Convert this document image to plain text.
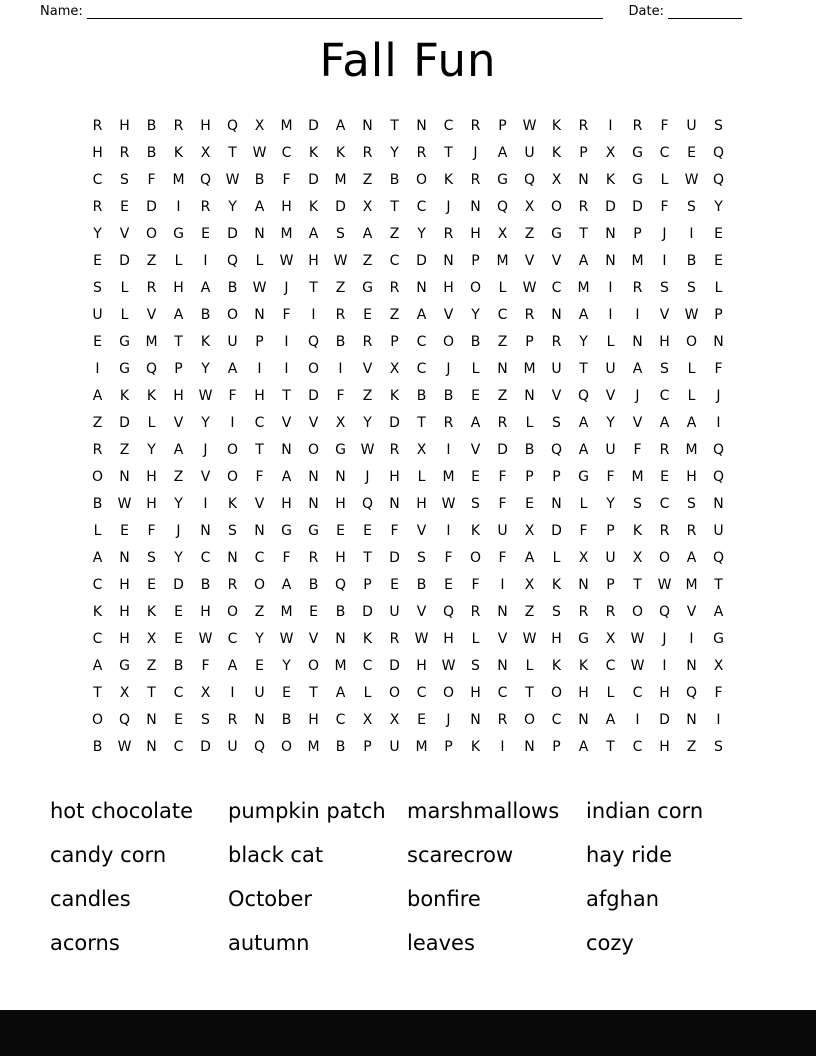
Name:	Date:
Fall Fun
R	H	B	R	H	Q	X	M	D	A	N	T	N	C	R	P	W	K	R	I	R	F	U	S
H	R	B	K	X	T	W	C	K	K	R	Y	R	T	J	A	U	K	P	X	G	C	E	Q
C	S	F	M	Q	W	B	F	D	M	Z	B	O	K	R	G	Q	X	N	K	G	L	W	Q
R	E	D	I	R	Y	A	H	K	D	X	T	C	J	N	Q	X	O	R	D	D	F	S	Y
Y	V	O	G	E	D	N	M	A	S	A	Z	Y	R	H	X	Z	G	T	N	P	J	I	E
E	D	Z	L	I	Q	L	W	H	W	Z	C	D	N	P	M	V	V	A	N	M	I	B	E
S	L	R	H	A	B	W	J	T	Z	G	R	N	H	O	L	W	C	M	I	R	S	S	L
U	L	V	A	B	O	N	F	I	R	E	Z	A	V	Y	C	R	N	A	I	I	V	W	P
E	G	M	T	K	U	P	I	Q	B	R	P	C	O	B	Z	P	R	Y	L	N	H	O	N
I	G	Q	P	Y	A	I	I	O	I	V	X	C	J	L	N	M	U	T	U	A	S	L	F
A	K	K	H	W	F	H	T	D	F	Z	K	B	B	E	Z	N	V	Q	V	J	C	L	J
Z	D	L	V	Y	I	C	V	V	X	Y	D	T	R	A	R	L	S	A	Y	V	A	A	I
R	Z	Y	A	J	O	T	N	O	G	W	R	X	I	V	D	B	Q	A	U	F	R	M	Q
O	N	H	Z	V	O	F	A	N	N	J	H	L	M	E	F	P	P	G	F	M	E	H	Q
B	W	H	Y	I	K	V	H	N	H	Q	N	H	W	S	F	E	N	L	Y	S	C	S	N
L	E	F	J	N	S	N	G	G	E	E	F	V	I	K	U	X	D	F	P	K	R	R	U
A	N	S	Y	C	N	C	F	R	H	T	D	S	F	O	F	A	L	X	U	X	O	A	Q
C	H	E	D	B	R	O	A	B	Q	P	E	B	E	F	I	X	K	N	P	T	W	M	T
K	H	K	E	H	O	Z	M	E	B	D	U	V	Q	R	N	Z	S	R	R	O	Q	V	A
C	H	X	E	W	C	Y	W	V	N	K	R	W	H	L	V	W	H	G	X	W	J	I	G
A	G	Z	B	F	A	E	Y	O	M	C	D	H	W	S	N	L	K	K	C	W	I	N	X
T	X	T	C	X	I	U	E	T	A	L	O	C	O	H	C	T	O	H	L	C	H	Q	F
O	Q	N	E	S	R	N	B	H	C	X	X	E	J	N	R	O	C	N	A	I	D	N	I
B	W	N	C	D	U	Q	O	M	B	P	U	M	P	K	I	N	P	A	T	C	H	Z	S
hot chocolate	pumpkin patch	marshmallows	indian corn
candy corn	black cat	scarecrow	hay ride
candles	October	bonfire	afghan
acorns	autumn	leaves	cozy
